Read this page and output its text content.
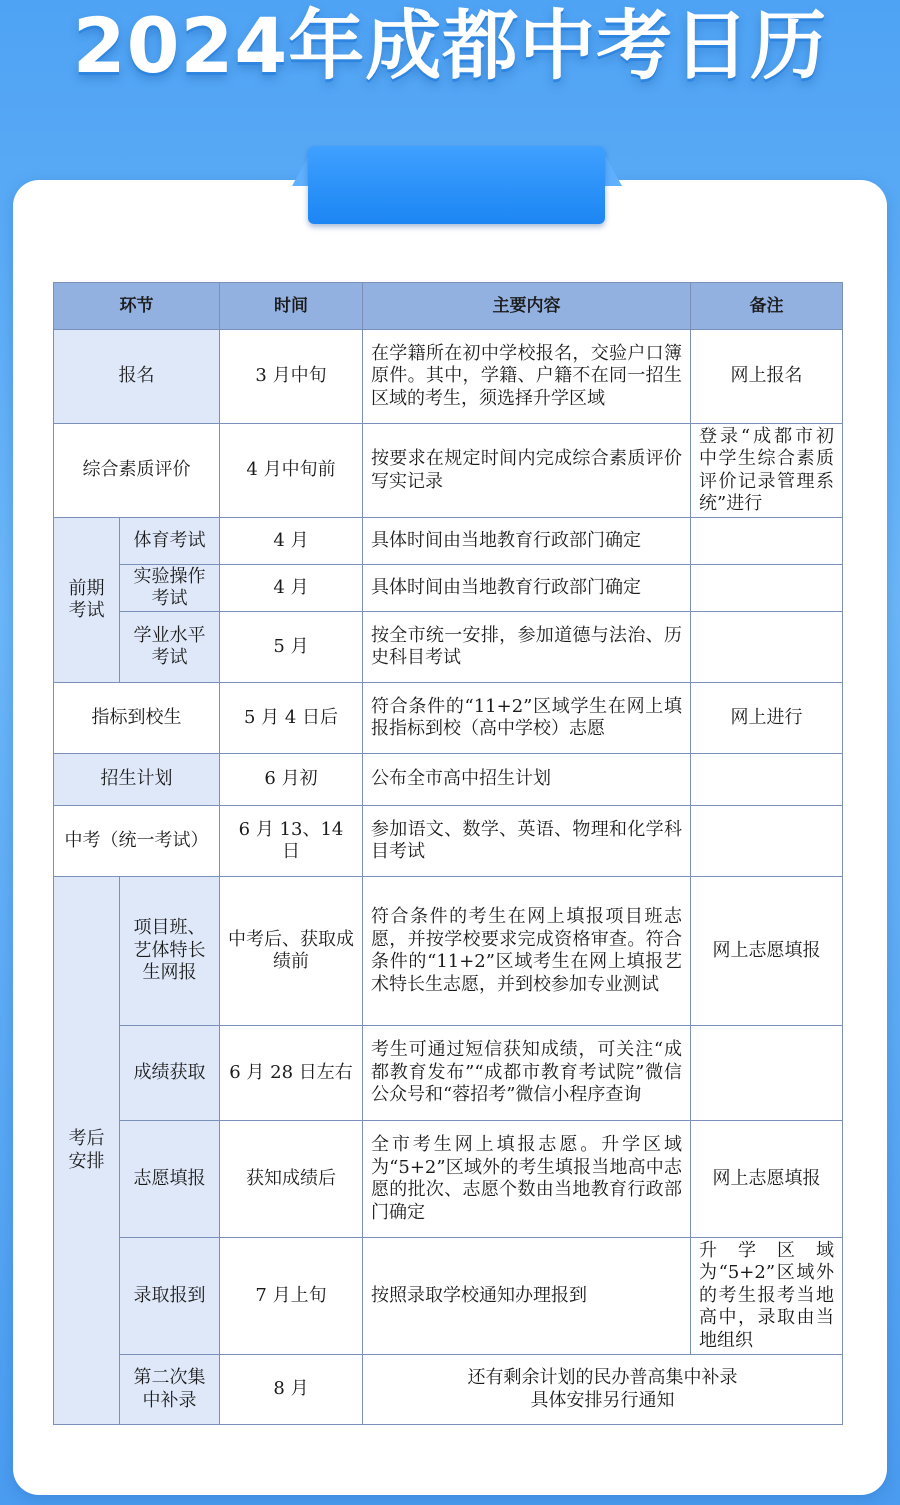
2024年成都中考日历
环节		时间	主要内容	备注
报名		3 月中旬	在学籍所在初中学校报名，交验户口簿原件。其中，学籍、户籍不在同一招生区域的考生，须选择升学区域	网上报名
综合素质评价		4 月中旬前	按要求在规定时间内完成综合素质评价写实记录	登录“成都市初中学生综合素质评价记录管理系统”进行
前期考试	体育考试	4 月	具体时间由当地教育行政部门确定	
	实验操作考试	4 月	具体时间由当地教育行政部门确定	
	学业水平考试	5 月	按全市统一安排，参加道德与法治、历史科目考试	
指标到校生		5 月 4 日后	符合条件的“11+2”区域学生在网上填报指标到校（高中学校）志愿	网上进行
招生计划		6 月初	公布全市高中招生计划	
中考（统一考试）		6 月 13、14 日	参加语文、数学、英语、物理和化学科目考试	
考后安排	项目班、艺体特长生网报	中考后、获取成绩前	符合条件的考生在网上填报项目班志愿，并按学校要求完成资格审查。符合条件的“11+2”区域考生在网上填报艺术特长生志愿，并到校参加专业测试	网上志愿填报
	成绩获取	6 月 28 日左右	考生可通过短信获知成绩，可关注“成都教育发布”“成都市教育考试院”微信公众号和“蓉招考”微信小程序查询	
	志愿填报	获知成绩后	全市考生网上填报志愿。升学区域为“5+2”区域外的考生填报当地高中志愿的批次、志愿个数由当地教育行政部门确定	网上志愿填报
	录取报到	7 月上旬	按照录取学校通知办理报到	升学区域为“5+2”区域外的考生报考当地高中，录取由当地组织
	第二次集中补录	8 月	还有剩余计划的民办普高集中补录
具体安排另行通知	
